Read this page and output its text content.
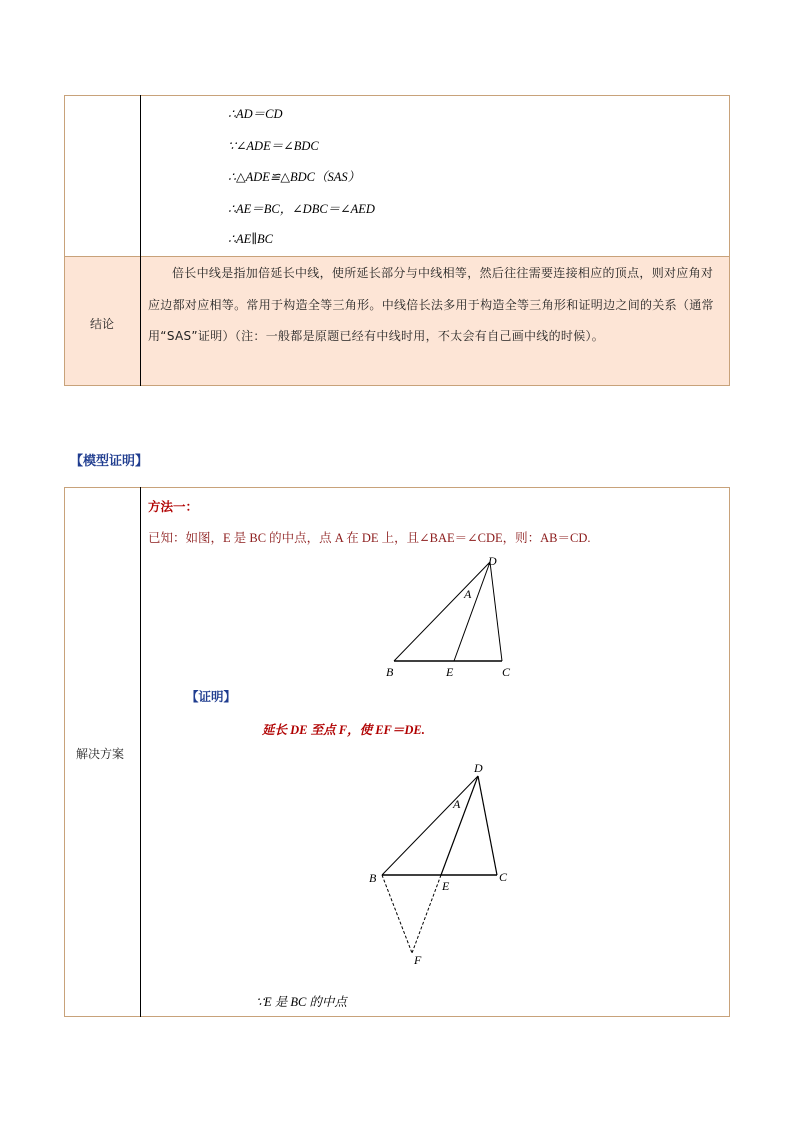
∴AD＝CD
∵∠ADE＝∠BDC
∴△ADE≌△BDC（SAS）
∴AE＝BC，∠DBC＝∠AED
∴AE∥BC
结论
倍长中线是指加倍延长中线，使所延长部分与中线相等，然后往往需要连接相应的顶点，则对应角对应边都对应相等。常用于构造全等三角形。中线倍长法多用于构造全等三角形和证明边之间的关系（通常用“SAS”证明）（注：一般都是原题已经有中线时用，不太会有自己画中线的时候）。
【模型证明】
解决方案
方法一：
已知：如图，E 是 BC 的中点，点 A 在 DE 上，且∠BAE＝∠CDE，则：AB＝CD.
D
A
B	E	C
【证明】
延长 DE 至点 F，使 EF＝DE.
D
A
B
E
C
F
∵E 是 BC 的中点
